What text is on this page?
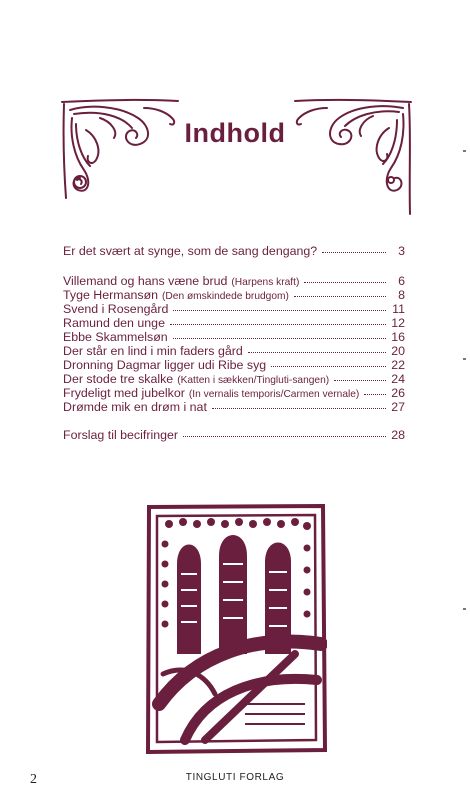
Indhold
Er det svært at synge, som de sang dengang?	3
Villemand og hans væne brud (Harpens kraft)	6
Tyge Hermansøn (Den ømskindede brudgom)	8
Svend i Rosengård	11
Ramund den unge	12
Ebbe Skammelsøn	16
Der står en lind i min faders gård	20
Dronning Dagmar ligger udi Ribe syg	22
Der stode tre skalke (Katten i sækken/Tingluti-sangen)	24
Frydeligt med jubelkor (In vernalis temporis/Carmen vernale)	26
Drømde mik en drøm i nat	27
Forslag til becifringer	28
2	TINGLUTI FORLAG
